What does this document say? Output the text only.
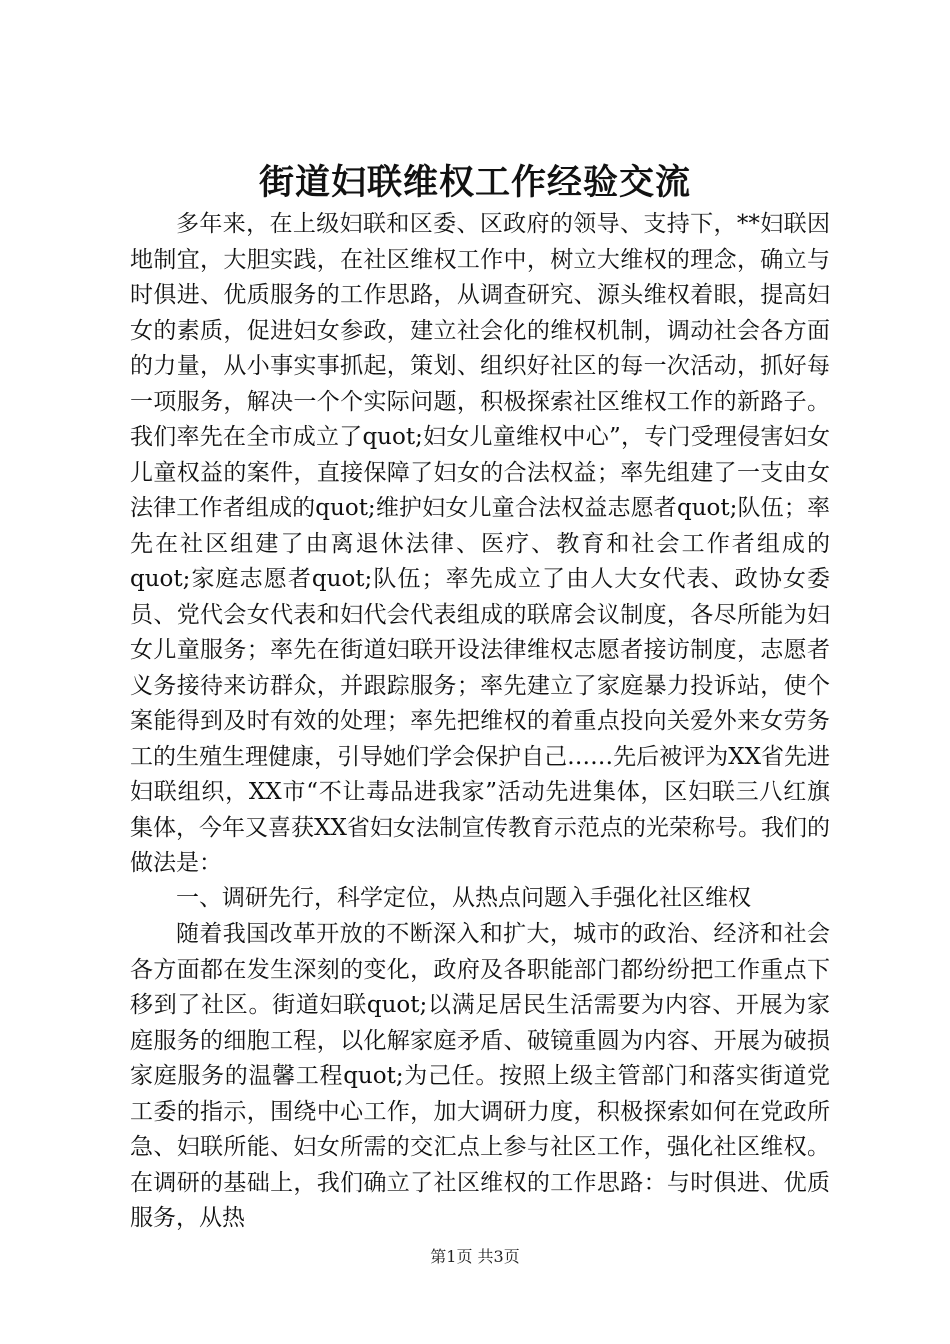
街道妇联维权工作经验交流

多年来，在上级妇联和区委、区政府的领导、支持下，**妇联因地制宜，大胆实践，在社区维权工作中，树立大维权的理念，确立与时俱进、优质服务的工作思路，从调查研究、源头维权着眼，提高妇女的素质，促进妇女参政，建立社会化的维权机制，调动社会各方面的力量，从小事实事抓起，策划、组织好社区的每一次活动，抓好每一项服务，解决一个个实际问题，积极探索社区维权工作的新路子。我们率先在全市成立了quot;妇女儿童维权中心”，专门受理侵害妇女儿童权益的案件，直接保障了妇女的合法权益；率先组建了一支由女法律工作者组成的quot;维护妇女儿童合法权益志愿者quot;队伍；率先在社区组建了由离退休法律、医疗、教育和社会工作者组成的quot;家庭志愿者quot;队伍；率先成立了由人大女代表、政协女委员、党代会女代表和妇代会代表组成的联席会议制度，各尽所能为妇女儿童服务；率先在街道妇联开设法律维权志愿者接访制度，志愿者义务接待来访群众，并跟踪服务；率先建立了家庭暴力投诉站，使个案能得到及时有效的处理；率先把维权的着重点投向关爱外来女劳务工的生殖生理健康，引导她们学会保护自己……先后被评为XX省先进妇联组织，XX市“不让毒品进我家”活动先进集体，区妇联三八红旗集体，今年又喜获XX省妇女法制宣传教育示范点的光荣称号。我们的做法是：

一、调研先行，科学定位，从热点问题入手强化社区维权

随着我国改革开放的不断深入和扩大，城市的政治、经济和社会各方面都在发生深刻的变化，政府及各职能部门都纷纷把工作重点下移到了社区。街道妇联quot;以满足居民生活需要为内容、开展为家庭服务的细胞工程，以化解家庭矛盾、破镜重圆为内容、开展为破损家庭服务的温馨工程quot;为己任。按照上级主管部门和落实街道党工委的指示，围绕中心工作，加大调研力度，积极探索如何在党政所急、妇联所能、妇女所需的交汇点上参与社区工作，强化社区维权。在调研的基础上，我们确立了社区维权的工作思路：与时俱进、优质服务，从热

第1页 共3页
